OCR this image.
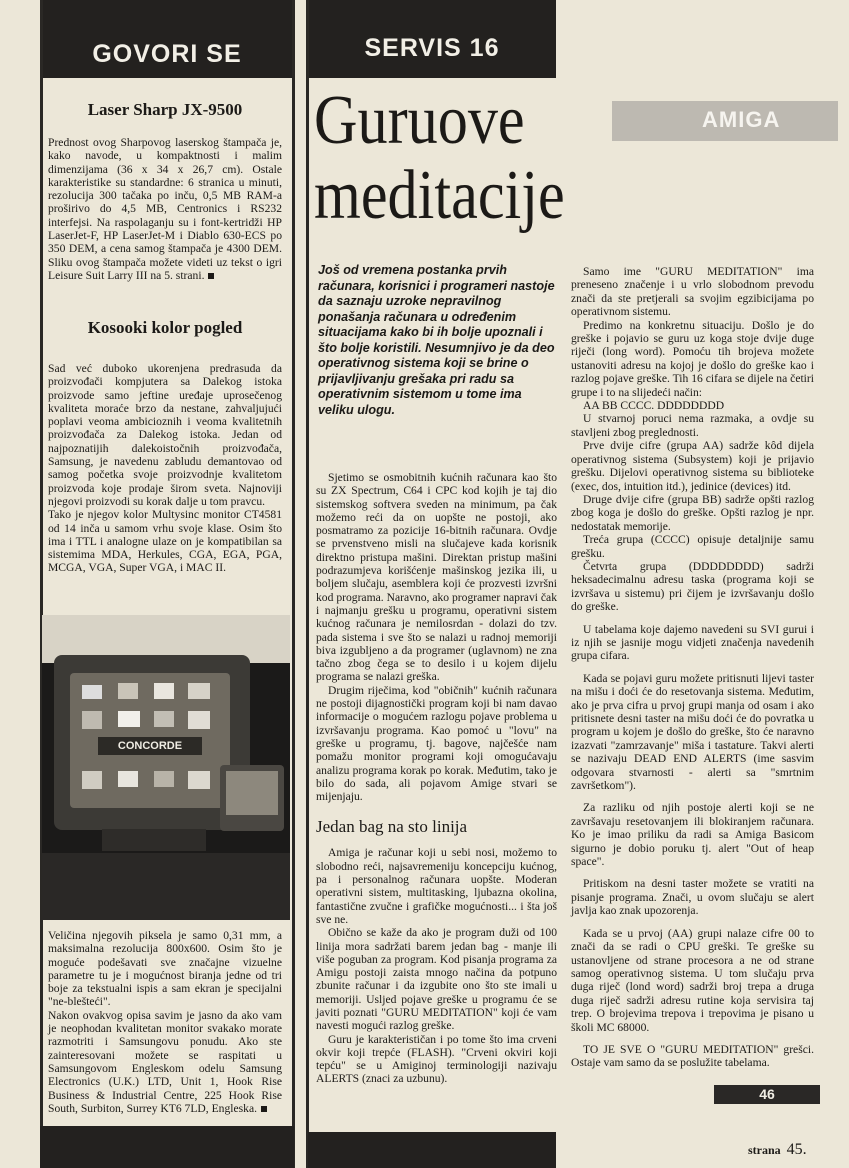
GOVORI SE	SERVIS 16
Laser Sharp JX-9500

Prednost ovog Sharpovog laserskog štampača je, kako navode, u kompaktnosti i malim dimenzijama (36 x 34 x 26,7 cm). Ostale karakteristike su standardne: 6 stranica u minuti, rezolucija 300 tačaka po inču, 0,5 MB RAM-a proširivo do 4,5 MB, Centronics i RS232 interfejsi. Na raspolaganju su i font-kertridži HP LaserJet-F, HP LaserJet-M i Diablo 630-ECS po 350 DEM, a cena samog štampača je 4300 DEM. Sliku ovog štampača možete videti uz tekst o igri Leisure Suit Larry III na 5. strani.

Kosooki kolor pogled

Sad već duboko ukorenjena predrasuda da proizvođači kompjutera sa Dalekog istoka proizvode samo jeftine uređaje uprosečenog kvaliteta moraće brzo da nestane, zahvaljujući poplavi veoma ambicioznih i veoma kvalitetnih proizvođača za Dalekog istoka. Jedan od najpoznatijih dalekoistočnih proizvođača, Samsung, je navedenu zabludu demantovao od samog početka svoje proizvodnje kvalitetom proizvoda koje prodaje širom sveta. Najnoviji njegovi proizvodi su korak dalje u tom pravcu.

Tako je njegov kolor Multysinc monitor CT4581 od 14 inča u samom vrhu svoje klase. Osim što ima i TTL i analogne ulaze on je kompatibilan sa sistemima MDA, Herkules, CGA, EGA, PGA, MCGA, VGA, Super VGA, i MAC II.

CONCORDE

Veličina njegovih piksela je samo 0,31 mm, a maksimalna rezolucija 800x600. Osim što je moguće podešavati sve značajne vizuelne parametre tu je i mogućnost biranja jedne od tri boje za tekstualni ispis a sam ekran je specijalni "ne-blešteći".

Nakon ovakvog opisa savim je jasno da ako vam je neophodan kvalitetan monitor svakako morate razmotriti i Samsungovu ponudu. Ako ste zainteresovani možete se raspitati u Samsungovom Engleskom odelu Samsung Electronics (U.K.) LTD, Unit 1, Hook Rise Business & Industrial Centre, 225 Hook Rise South, Surbiton, Surrey KT6 7LD, Engleska.

AMIGA
Guruove
meditacije
Još od vremena postanka prvih računara, korisnici i programeri nastoje da saznaju uzroke nepravilnog ponašanja računara u određenim situacijama kako bi ih bolje upoznali i što bolje koristili. Nesumnjivo je da deo operativnog sistema koji se brine o prijavljivanju grešaka pri radu sa operativnim sistemom u tome ima veliku ulogu.

Sjetimo se osmobitnih kućnih računara kao što su ZX Spectrum, C64 i CPC kod kojih je taj dio sistemskog softvera sveden na minimum, pa čak možemo reći da on uopšte ne postoji, ako posmatramo za pozicije 16-bitnih računara. Ovdje se prvenstveno misli na slučajeve kada korisnik direktno pristupa mašini. Direktan pristup mašini podrazumjeva korišćenje mašinskog jezika ili, u boljem slučaju, asemblera koji će prozvesti izvršni kod programa. Naravno, ako programer napravi čak i najmanju grešku u programu, operativni sistem kućnog računara je nemilosrdan - dolazi do tzv. pada sistema i sve što se nalazi u radnoj memoriji biva izgubljeno a da programer (uglavnom) ne zna tačno zbog čega se to desilo i u kojem dijelu programa se nalazi greška.

Drugim riječima, kod "običnih" kućnih računara ne postoji dijagnostički program koji bi nam davao informacije o mogućem razlogu pojave problema u izvršavanju programa. Kao pomoć u "lovu" na greške u programu, tj. bagove, najčešće nam pomažu monitor programi koji omogućavaju analizu programa korak po korak. Međutim, tako je bilo do sada, ali pojavom Amige stvari se mijenjaju.

Jedan bag na sto linija

Amiga je računar koji u sebi nosi, možemo to slobodno reći, najsavremeniju koncepciju kućnog, pa i personalnog računara uopšte. Moderan operativni sistem, multitasking, ljubazna okolina, fantastične zvučne i grafičke mogućnosti... i šta još sve ne.

Obično se kaže da ako je program duži od 100 linija mora sadržati barem jedan bag - manje ili više poguban za program. Kod pisanja programa za Amigu postoji zaista mnogo načina da potpuno zbunite računar i da izgubite ono što ste imali u memoriji. Usljed pojave greške u programu će se javiti poznati "GURU MEDITATION" koji će vam navesti mogući razlog greške.

Guru je karakterističan i po tome što ima crveni okvir koji trepće (FLASH). "Crveni okviri koji tepću" se u Amiginoj terminologiji nazivaju ALERTS (znaci za uzbunu).

Samo ime "GURU MEDITATION" ima preneseno značenje i u vrlo slobodnom prevodu znači da ste pretjerali sa svojim egzibicijama po operativnom sistemu.

Predimo na konkretnu situaciju. Došlo je do greške i pojavio se guru uz koga stoje dvije duge riječi (long word). Pomoću tih brojeva možete ustanoviti adresu na kojoj je došlo do greške kao i razlog pojave greške. Tih 16 cifara se dijele na četiri grupe i to na slijedeći način:

AA BB CCCC. DDDDDDDD

U stvarnoj poruci nema razmaka, a ovdje su stavljeni zbog preglednosti.

Prve dvije cifre (grupa AA) sadrže kôd dijela operativnog sistema (Subsystem) koji je prijavio grešku. Dijelovi operativnog sistema su biblioteke (exec, dos, intuition itd.), jedinice (devices) itd.

Druge dvije cifre (grupa BB) sadrže opšti razlog zbog koga je došlo do greške. Opšti razlog je npr. nedostatak memorije.

Treća grupa (CCCC) opisuje detaljnije samu grešku.

Četvrta grupa (DDDDDDDD) sadrži heksadecimalnu adresu taska (programa koji se izvršava u sistemu) pri čijem je izvršavanju došlo do greške.

U tabelama koje dajemo navedeni su SVI gurui i iz njih se jasnije mogu vidjeti značenja navedenih grupa cifara.

Kada se pojavi guru možete pritisnuti lijevi taster na mišu i doći će do resetovanja sistema. Međutim, ako je prva cifra u prvoj grupi manja od osam i ako pritisnete desni taster na mišu doći će do povratka u program u kojem je došlo do greške, što će naravno izazvati "zamrzavanje" miša i tastature. Takvi alerti se nazivaju DEAD END ALERTS (ime sasvim odgovara stvarnosti - alerti sa "smrtnim završetkom").

Za razliku od njih postoje alerti koji se ne završavaju resetovanjem ili blokiranjem računara. Ko je imao priliku da radi sa Amiga Basicom sigurno je dobio poruku tj. alert "Out of heap space".

Pritiskom na desni taster možete se vratiti na pisanje programa. Znači, u ovom slučaju se alert javlja kao znak upozorenja.

Kada se u prvoj (AA) grupi nalaze cifre 00 to znači da se radi o CPU greški. Te greške su ustanovljene od strane procesora a ne od strane samog operativnog sistema. U tom slučaju prva duga riječ (lond word) sadrži broj trepa a druga duga riječ sadrži adresu rutine koja servisira taj trep. O brojevima trepova i trepovima je pisano u školi MC 68000.

TO JE SVE O "GURU MEDITATION" grešci. Ostaje vam samo da se poslužite tabelama.

46
strana 45.
